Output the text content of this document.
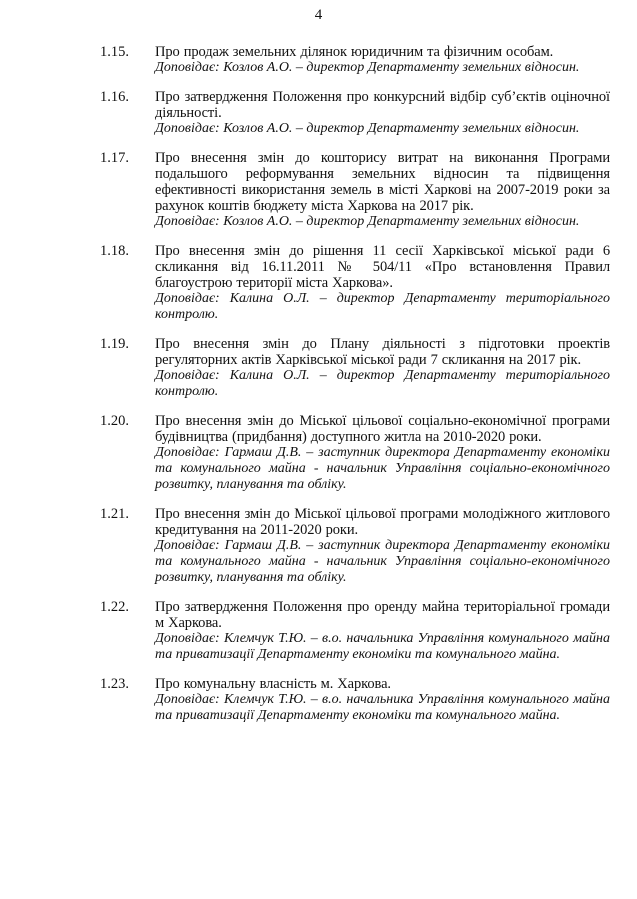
4
1.15.	Про продаж земельних ділянок юридичним та фізичним особам.
Доповідає: Козлов А.О. – директор Департаменту земельних відносин.
1.16.	Про затвердження Положення про конкурсний відбір суб’єктів оціночної діяльності.
Доповідає: Козлов А.О. – директор Департаменту земельних відносин.
1.17.	Про внесення змін до кошторису витрат на виконання Програми подальшого реформування земельних відносин та підвищення ефективності використання земель в місті Харкові на 2007-2019 роки за рахунок коштів бюджету міста Харкова на 2017 рік.
Доповідає: Козлов А.О. – директор Департаменту земельних відносин.
1.18.	Про внесення змін до рішення 11 сесії Харківської міської ради 6 скликання від 16.11.2011 № 504/11 «Про встановлення Правил благоустрою території міста Харкова».
Доповідає: Калина О.Л. – директор Департаменту територіального контролю.
1.19.	Про внесення змін до Плану діяльності з підготовки проектів регуляторних актів Харківської міської ради 7 скликання на 2017 рік.
Доповідає: Калина О.Л. – директор Департаменту територіального контролю.
1.20.	Про внесення змін до Міської цільової соціально-економічної програми будівництва (придбання) доступного житла на 2010-2020 роки.
Доповідає: Гармаш Д.В. – заступник директора Департаменту економіки та комунального майна - начальник Управління соціально-економічного розвитку, планування та обліку.
1.21.	Про внесення змін до Міської цільової програми молодіжного житлового кредитування на 2011-2020 роки.
Доповідає: Гармаш Д.В. – заступник директора Департаменту економіки та комунального майна - начальник Управління соціально-економічного розвитку, планування та обліку.
1.22.	Про затвердження Положення про оренду майна територіальної громади м Харкова.
Доповідає: Клемчук Т.Ю. – в.о. начальника Управління комунального майна та приватизації Департаменту економіки та комунального майна.
1.23.	Про комунальну власність м. Харкова.
Доповідає: Клемчук Т.Ю. – в.о. начальника Управління комунального майна та приватизації Департаменту економіки та комунального майна.
